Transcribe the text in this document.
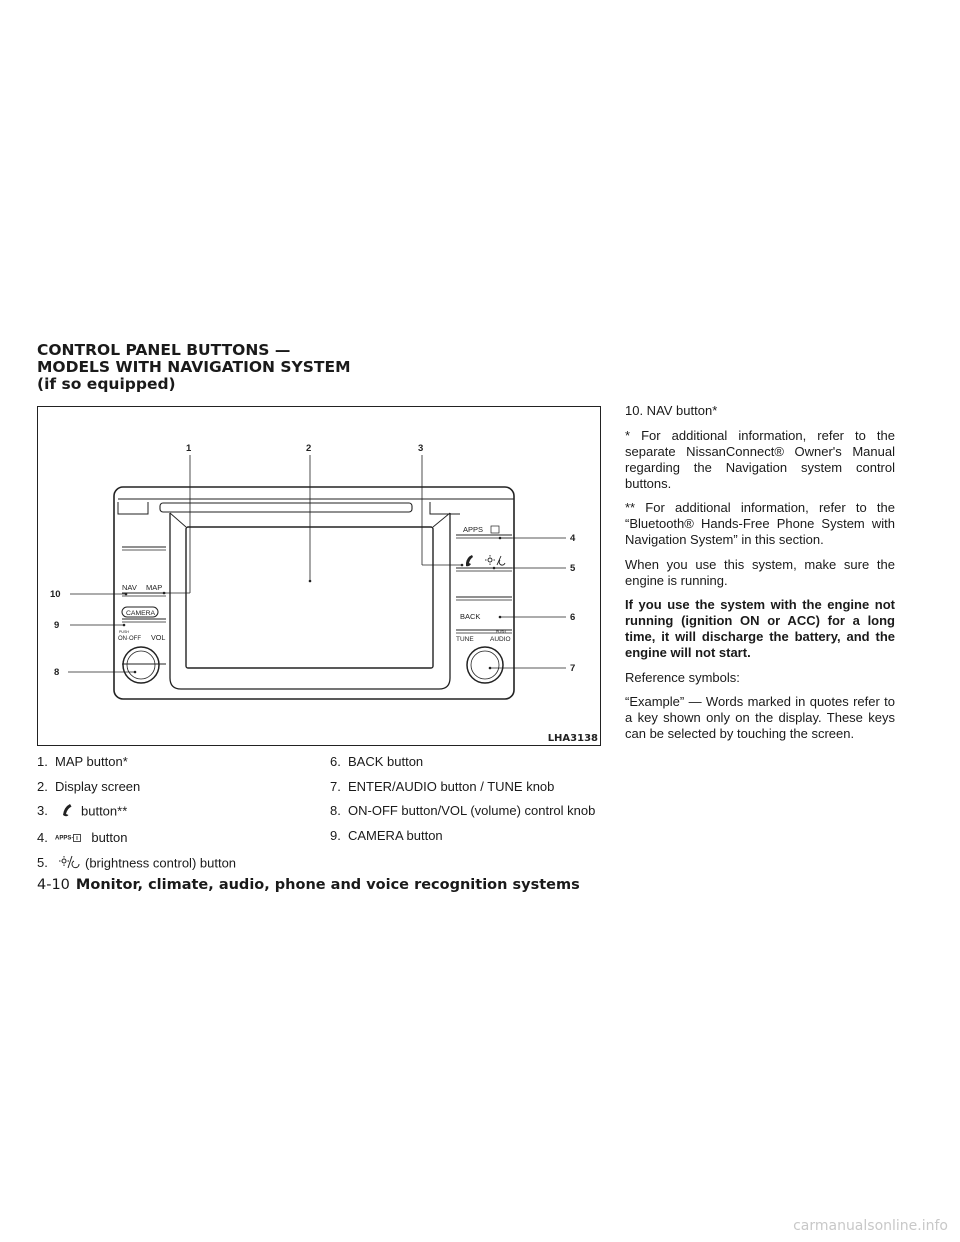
CONTROL PANEL BUTTONS —
MODELS WITH NAVIGATION SYSTEM
(if so equipped)
NAV MAP
CAMERA
PUSH
ON·OFF VOL
APPS
BACK
TUNE
PUSH
AUDIO
1	2	3
4
5
6
7
8
9
10
LHA3138
1. MAP button*
2. Display screen
3.	button**
4. APPS· button
5.	(brightness control) button
6. BACK button
7. ENTER/AUDIO button / TUNE knob
8. ON-OFF button/VOL (volume) control knob
9. CAMERA button

10. NAV button*

* For additional information, refer to the separate NissanConnect® Owner's Manual regarding the Navigation system control buttons.

** For additional information, refer to the “Bluetooth® Hands-Free Phone System with Navigation System” in this section.

When you use this system, make sure the engine is running.

If you use the system with the engine not running (ignition ON or ACC) for a long time, it will discharge the battery, and the engine will not start.

Reference symbols:

“Example” — Words marked in quotes refer to a key shown only on the display. These keys can be selected by touching the screen.

4-10 Monitor, climate, audio, phone and voice recognition systems
carmanualsonline.info
